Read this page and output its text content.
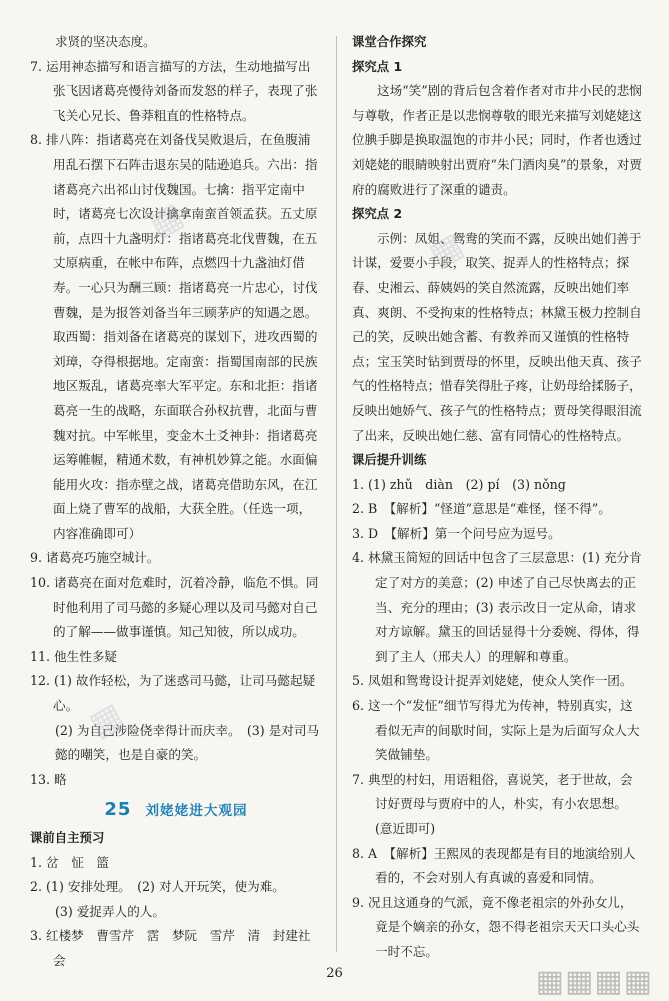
求贤的坚决态度。
7. 运用神态描写和语言描写的方法，生动地描写出张飞因诸葛亮慢待刘备而发怒的样子，表现了张飞关心兄长、鲁莽粗直的性格特点。
8. 排八阵：指诸葛亮在刘备伐吴败退后，在鱼腹浦用乱石摆下石阵击退东吴的陆逊追兵。六出：指诸葛亮六出祁山讨伐魏国。七擒：指平定南中时，诸葛亮七次设计擒拿南蛮首领孟获。五丈原前，点四十九盏明灯：指诸葛亮北伐曹魏，在五丈原病重，在帐中布阵，点燃四十九盏油灯借寿。一心只为酬三顾：指诸葛亮一片忠心，讨伐曹魏，是为报答刘备当年三顾茅庐的知遇之恩。取西蜀：指刘备在诸葛亮的谋划下，进攻西蜀的刘璋，夺得根据地。定南蛮：指蜀国南部的民族地区叛乱，诸葛亮率大军平定。东和北拒：指诸葛亮一生的战略，东面联合孙权抗曹，北面与曹魏对抗。中军帐里，变金木土爻神卦：指诸葛亮运筹帷幄，精通术数，有神机妙算之能。水面偏能用火攻：指赤壁之战，诸葛亮借助东风，在江面上烧了曹军的战船，大获全胜。（任选一项，内容准确即可）
9. 诸葛亮巧施空城计。
10. 诸葛亮在面对危难时，沉着冷静，临危不惧。同时他利用了司马懿的多疑心理以及司马懿对自己的了解——做事谨慎。知己知彼，所以成功。
11. 他生性多疑
12. (1) 故作轻松，为了迷惑司马懿，让司马懿起疑心。
(2) 为自己涉险侥幸得计而庆幸。　(3) 是对司马懿的嘲笑，也是自豪的笑。
13. 略
25 刘姥姥进大观园
课前自主预习
1. 岔　怔　篮
2. (1) 安排处理。　(2) 对人开玩笑，使为难。
(3) 爱捉弄人的人。
3. 红楼梦　曹雪芹　霑　梦阮　雪芹　清　封建社会
课堂合作探究
探究点 1
这场“笑”剧的背后包含着作者对市井小民的悲悯与尊敬，作者正是以悲悯尊敬的眼光来描写刘姥姥这位腆手脚是换取温饱的市井小民；同时，作者也透过刘姥姥的眼睛映射出贾府“朱门酒肉臭”的景象，对贾府的腐败进行了深重的谴责。
探究点 2
示例：凤姐、鸳鸯的笑而不露，反映出她们善于计谋，爱要小手段，取笑、捉弄人的性格特点；探春、史湘云、薛姨妈的笑自然流露，反映出她们率真、爽朗、不受拘束的性格特点；林黛玉极力控制自己的笑，反映出她含蓄、有教养而又谨慎的性格特点；宝玉笑时钻到贾母的怀里，反映出他天真、孩子气的性格特点；惜春笑得肚子疼，让奶母给揉肠子，反映出她娇气、孩子气的性格特点；贾母笑得眼泪流了出来，反映出她仁慈、富有同情心的性格特点。
课后提升训练
1. (1) zhǔ　diàn　(2) pí　(3) nǒng
2. B　【解析】“怪道”意思是“难怪，怪不得”。
3. D　【解析】第一个问号应为逗号。
4. 林黛玉简短的回话中包含了三层意思：(1) 充分肯定了对方的美意；(2) 申述了自己尽快离去的正当、充分的理由；(3) 表示改日一定从命，请求对方谅解。黛玉的回话显得十分委婉、得体，得到了主人（邢夫人）的理解和尊重。
5. 凤姐和鸳鸯设计捉弄刘姥姥，使众人笑作一团。
6. 这一个“发怔”细节写得尤为传神，特别真实，这看似无声的间歇时间，实际上是为后面写众人大笑做铺垫。
7. 典型的村妇，用语粗俗，喜说笑，老于世故，会讨好贾母与贾府中的人，朴实，有小农思想。(意近即可)
8. A　【解析】王熙凤的表现都是有目的地演给别人看的，不会对别人有真诚的喜爱和同情。
9. 况且这通身的气派，竟不像老祖宗的外孙女儿，竟是个嫡亲的孙女，怨不得老祖宗天天口头心头一时不忘。
26
▦
▦
▦
▦▦▦▦
